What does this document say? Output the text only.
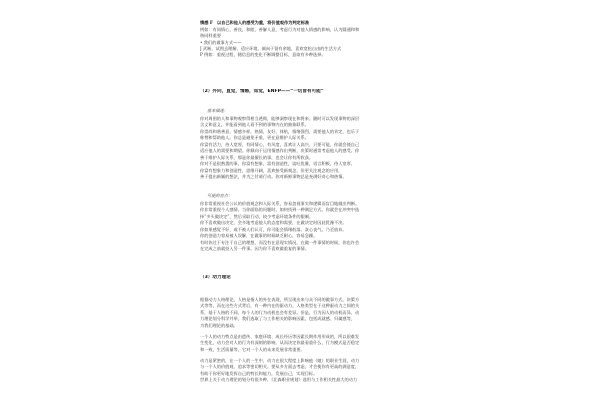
情感 F　以自己和他人的感受为重，将价值观作为判定标准
例如：有同情心，善良，和睦，善解人意，考虑行为对他人情感的影响，认为圆通和和
谐同样重要
• 我们的做事方式——
J 武断，试图去理解，适应环境，倾向于留有余地，喜欢宽松自由的生活方式
P 例如：重视过程，随信息的变化不断调整目标，意欲有多种选择。
（2）外向，直觉，情感，知觉，ENFP——“一切皆有可能”
基本描述：
你对周围的人和事物观察得相当透彻，能够洞察现在和将来。随时可以发现事物的深层
含义和意义，并能看到他人看不到的事物内在的抽象联系。
你崇尚和谐善意，情感多样，热情，友好，体贴，情绪强烈，需要他人的肯定，也乐于
称赞和帮助他人。你总是避免矛盾，更在意维护人际关系。
你富有活力，待人宽厚，有同情心，有风度，喜欢让人高兴。只要可能，你就会使自己
适应他人的需要和期望。你倾向于运用情感作出判断，决策时通常考虑他人的感受。你
善于维护人际关系，那是你最擅长的事，也会让你有所收获。
你对不是很熟悉的事，你富有想象，富有创造性，谈吐优雅，语言积极，待人宽厚。
你富有想象力和创造性，思维开阔，喜欢接受新观念，但更关注观念的应用，
善于提出新颖的想法，并为之付诸行动。你对新鲜事物总是充满好奇心和热情。
可能的盲点：
你非常重视社会公认的价值观念和人际关系，容易忽视事实和逻辑而盲目地做出判断。
你非常重视个人感情。当你面临的问题时，如何找到一种满足方式，你就会在冲突中选
择“多头做决定”，然后采取行动，较少考虑环境条件的限制。
你不喜欢做出决定，会多地考虑他人的态度和需要，在做决定时因此犹豫不决。
你如果感觉不好，或不被人们认可，你可能会情绪低落、灰心丧气，乃至放弃。
你的创造力容易被人误解，在做事的时候缺乏耐心，容易急躁。
有时你过于专注于自己的理想，而没有在意现实情况，在做一件事情的时候，你也许会
在完成之前就投入另一件事。因为你不喜欢做重复的事情。
（3）动力理论
根据动力人格理论，人格是指人的外在表现，所呈现出来与众不同的做事方式，决策方
式等等，而在这些方式背后，有一种内在的驱动力。人格类型在于这种驱动力之间的关
系，基于人格的不同，每个人的行为动机也会有差异。但是，行为因人的动机而异，动
力理论划分科学并举，我们选取了与工作相关的影响因素，包括成就感、归属感等，
为我们理论的基础。
一个人的动力特点是由遗传、家庭环境、成长经历等因素长期作用形成的，所以很难发
生变化，动力会对人的行为有深刻的影响，从而决定你最看重什么，行为模式是否稳定
和一致，生活质量等，它对一个人的未来发展非常重要。
动力是紧密的，在一个人的一生中，动力在很大程度上影响他（她）的职业生涯，动力
与一个人的价值观、追求等密切相关。要从多方面去考虑，才会使你有更高的满意度，
有助于你更好地发挥自己的特长和能力，发展自己，实现目标。
世界上关于动力理论的划分有很多种，《北森职业规划》选用与工作相关性最大的动力
